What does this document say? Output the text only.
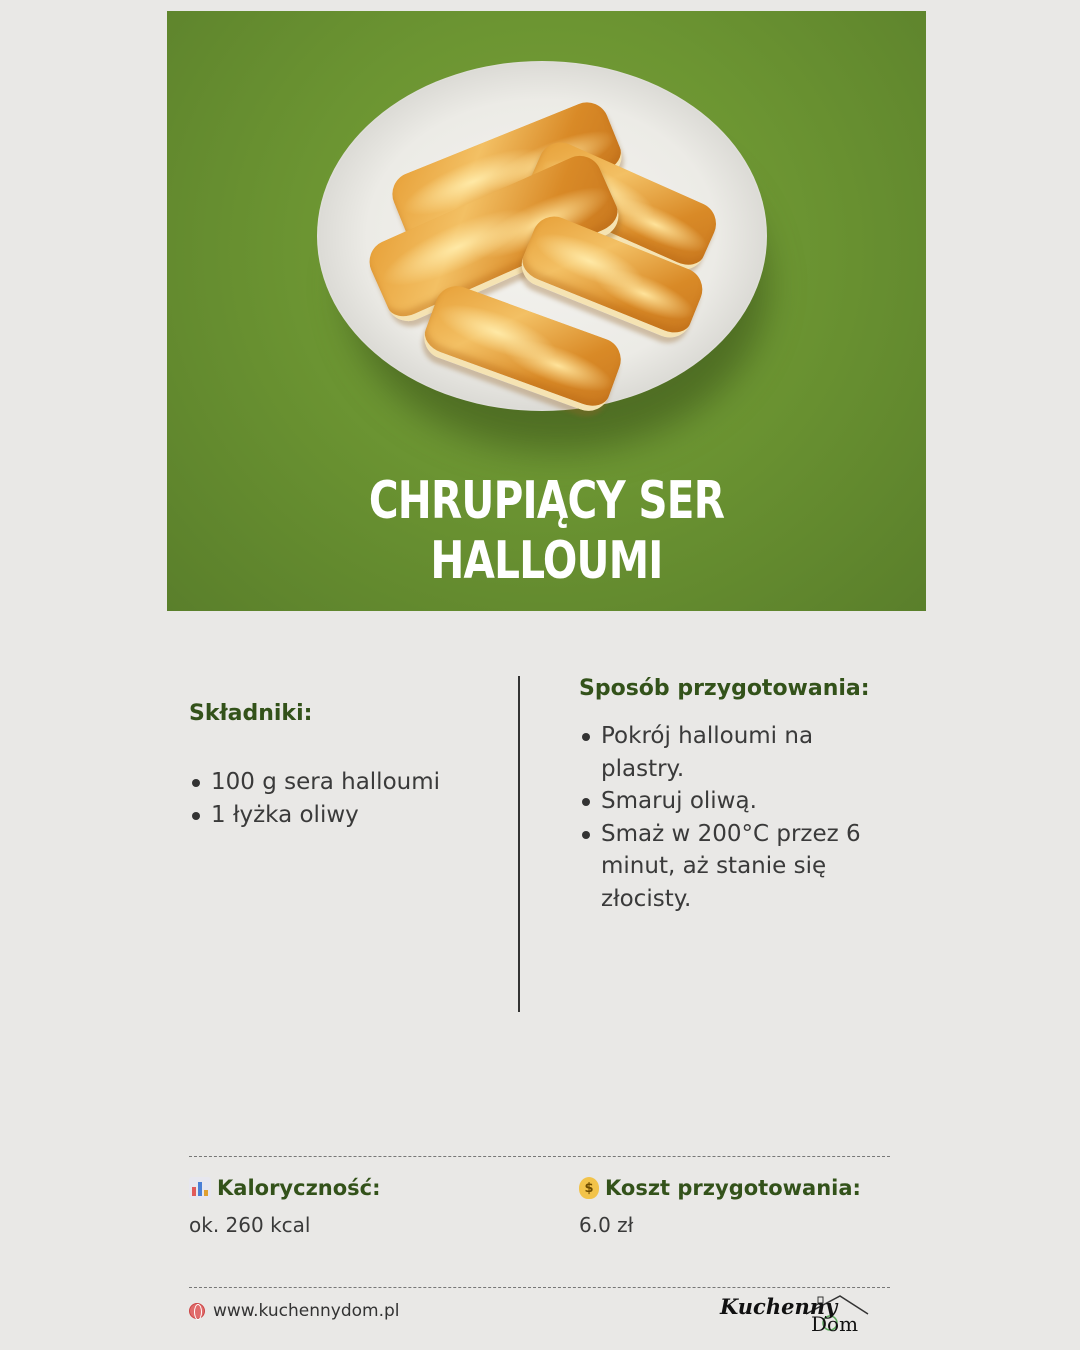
CHRUPIĄCY SER HALLOUMI
Składniki:
100 g sera halloumi
1 łyżka oliwy
Sposób przygotowania:
Pokrój halloumi na plastry.
Smaruj oliwą.
Smaż w 200°C przez 6 minut, aż stanie się złocisty.
Kaloryczność:
ok. 260 kcal
$ Koszt przygotowania:
6.0 zł
www.kuchennydom.pl	Kuchenny
Dom
